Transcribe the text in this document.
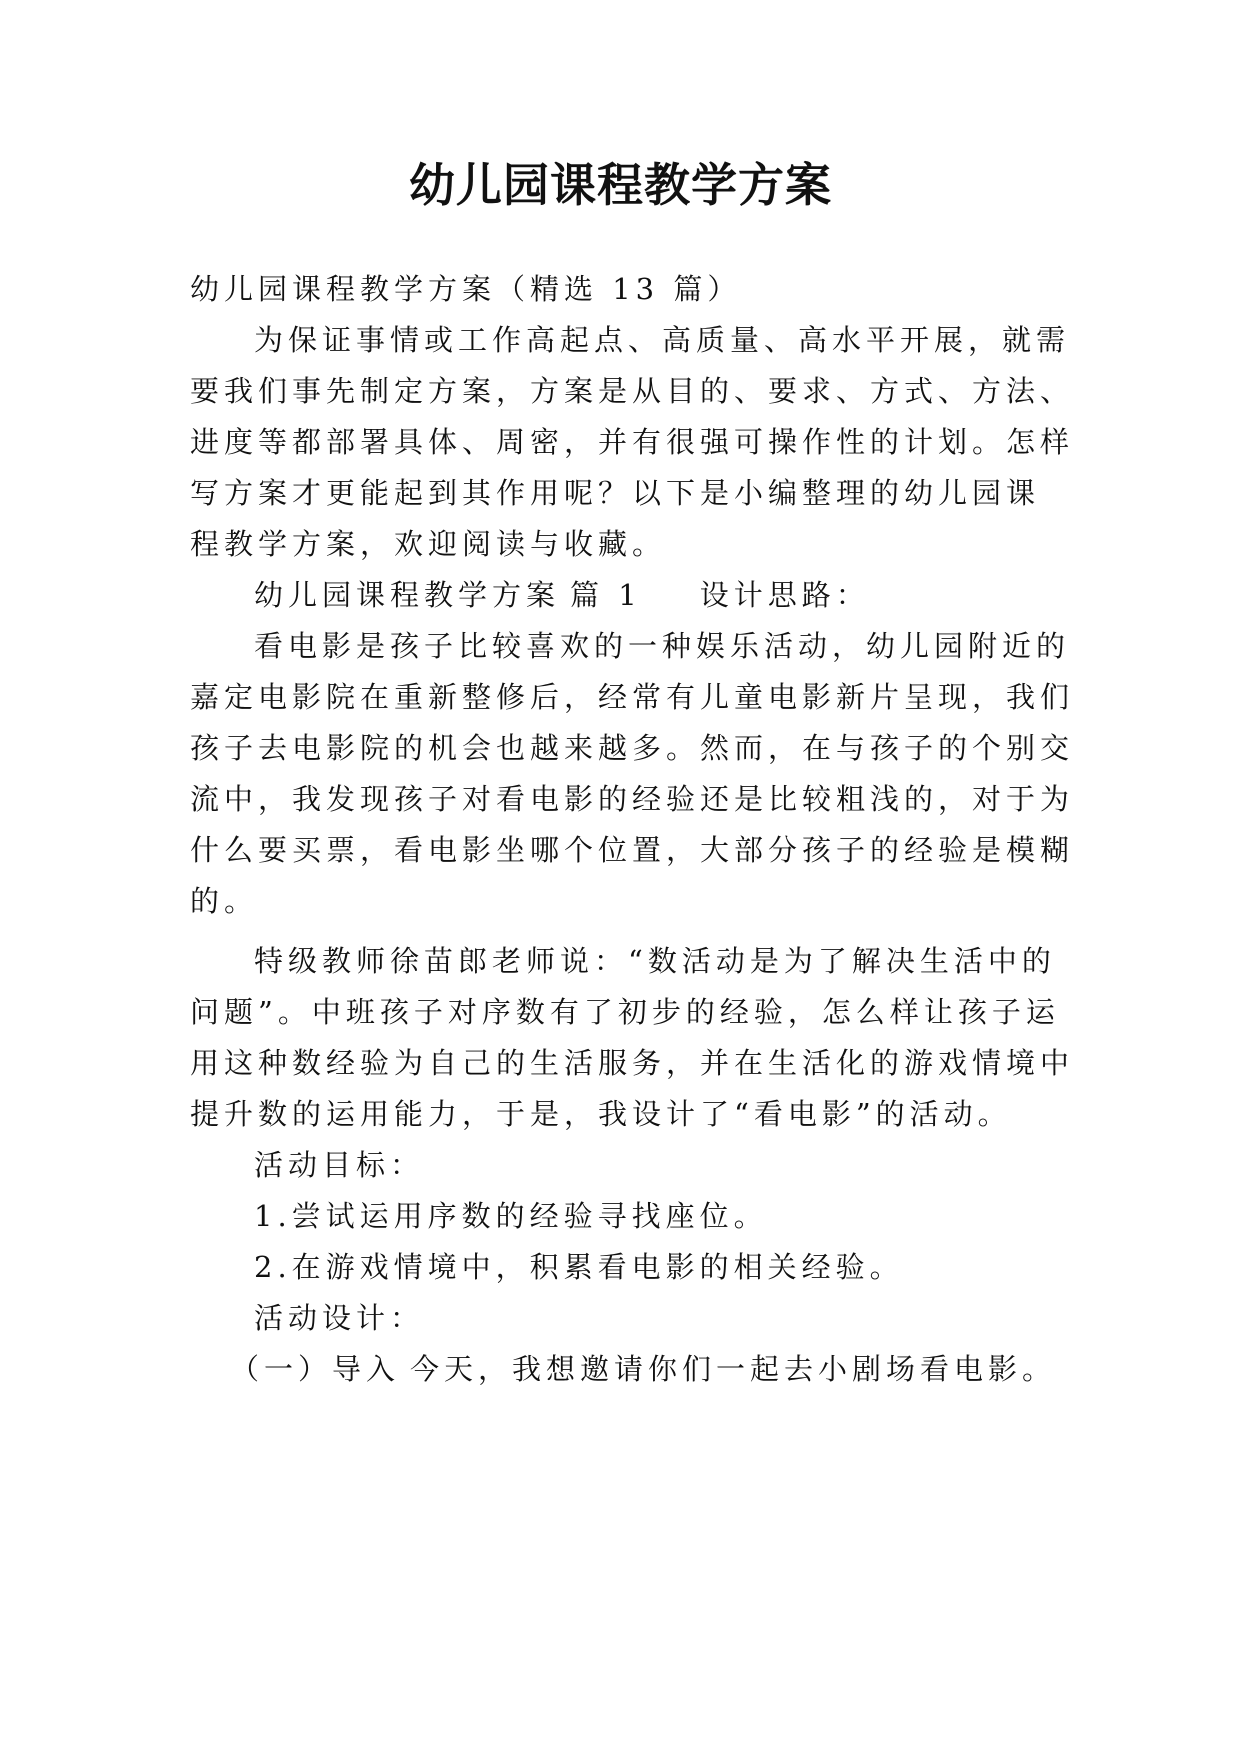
幼儿园课程教学方案
幼儿园课程教学方案（精选 13 篇）
为保证事情或工作高起点、高质量、高水平开展，就需
要我们事先制定方案，方案是从目的、要求、方式、方法、
进度等都部署具体、周密，并有很强可操作性的计划。怎样
写方案才更能起到其作用呢？以下是小编整理的幼儿园课
程教学方案，欢迎阅读与收藏。
幼儿园课程教学方案 篇 1 设计思路：
看电影是孩子比较喜欢的一种娱乐活动，幼儿园附近的
嘉定电影院在重新整修后，经常有儿童电影新片呈现，我们
孩子去电影院的机会也越来越多。然而，在与孩子的个别交
流中，我发现孩子对看电影的经验还是比较粗浅的，对于为
什么要买票，看电影坐哪个位置，大部分孩子的经验是模糊
的。
特级教师徐苗郎老师说：“数活动是为了解决生活中的
问题”。中班孩子对序数有了初步的经验，怎么样让孩子运
用这种数经验为自己的生活服务，并在生活化的游戏情境中
提升数的运用能力，于是，我设计了“看电影”的活动。
活动目标：
1.尝试运用序数的经验寻找座位。
2.在游戏情境中，积累看电影的相关经验。
活动设计：
（一）导入 今天，我想邀请你们一起去小剧场看电影。
